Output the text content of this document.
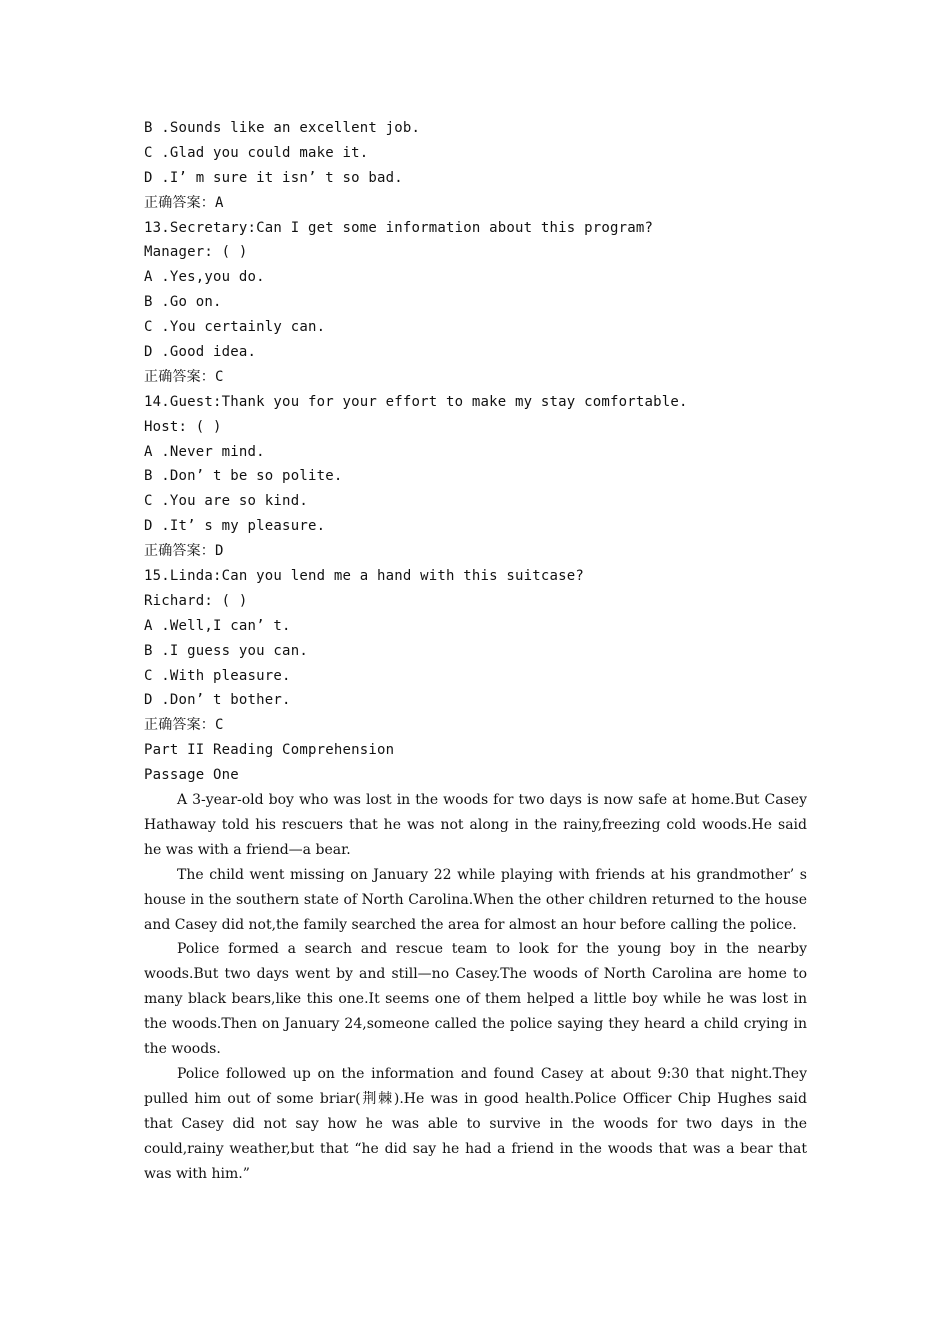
B .Sounds like an excellent job.
C .Glad you could make it.
D .I’ m sure it isn’ t so bad.
正确答案：A
13.Secretary:Can I get some information about this program?
Manager: ( )
A .Yes,you do.
B .Go on.
C .You certainly can.
D .Good idea.
正确答案：C
14.Guest:Thank you for your effort to make my stay comfortable.
Host: ( )
A .Never mind.
B .Don’ t be so polite.
C .You are so kind.
D .It’ s my pleasure.
正确答案：D
15.Linda:Can you lend me a hand with this suitcase?
Richard: ( )
A .Well,I can’ t.
B .I guess you can.
C .With pleasure.
D .Don’ t bother.
正确答案：C
Part II Reading Comprehension
Passage One

A 3-year-old boy who was lost in the woods for two days is now safe at home.But Casey Hathaway told his rescuers that he was not along in the rainy,freezing cold woods.He said he was with a friend—a bear.

The child went missing on January 22 while playing with friends at his grandmother’ s house in the southern state of North Carolina.When the other children returned to the house and Casey did not,the family searched the area for almost an hour before calling the police.

Police formed a search and rescue team to look for the young boy in the nearby woods.But two days went by and still—no Casey.The woods of North Carolina are home to many black bears,like this one.It seems one of them helped a little boy while he was lost in the woods.Then on January 24,someone called the police saying they heard a child crying in the woods.

Police followed up on the information and found Casey at about 9:30 that night.They pulled him out of some briar(荆棘).He was in good health.Police Officer Chip Hughes said that Casey did not say how he was able to survive in the woods for two days in the could,rainy weather,but that “he did say he had a friend in the woods that was a bear that was with him.”
